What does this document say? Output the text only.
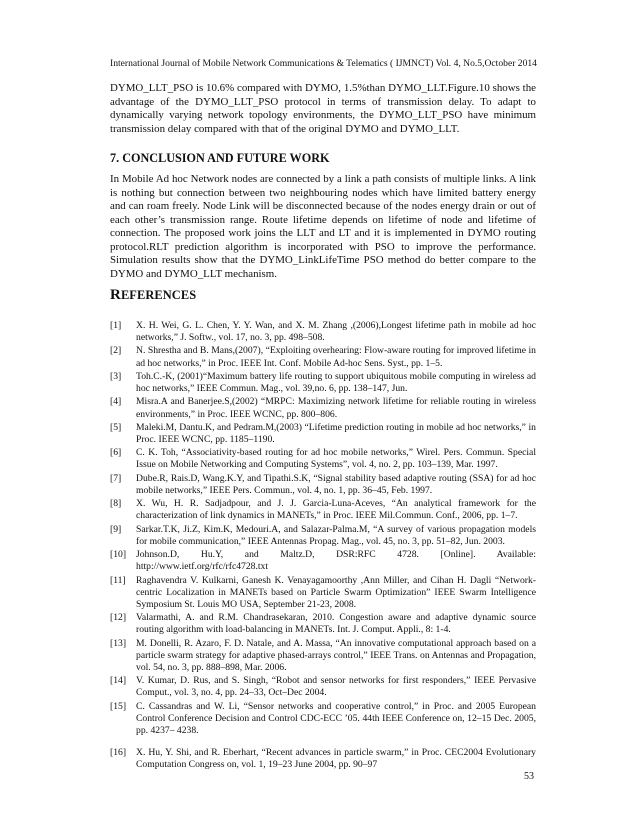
International Journal of Mobile Network Communications & Telematics ( IJMNCT) Vol. 4, No.5,October 2014

DYMO_LLT_PSO is 10.6% compared with DYMO, 1.5%than DYMO_LLT.Figure.10 shows the advantage of the DYMO_LLT_PSO protocol in terms of transmission delay. To adapt to dynamically varying network topology environments, the DYMO_LLT_PSO have minimum transmission delay compared with that of the original DYMO and DYMO_LLT.

7. CONCLUSION AND FUTURE WORK

In Mobile Ad hoc Network nodes are connected by a link a path consists of multiple links. A link is nothing but connection between two neighbouring nodes which have limited battery energy and can roam freely. Node Link will be disconnected because of the nodes energy drain or out of each other’s transmission range. Route lifetime depends on lifetime of node and lifetime of connection. The proposed work joins the LLT and LT and it is implemented in DYMO routing protocol.RLT prediction algorithm is incorporated with PSO to improve the performance. Simulation results show that the DYMO_LinkLifeTime PSO method do better compare to the DYMO and DYMO_LLT mechanism.

REFERENCES
[1]	X. H. Wei, G. L. Chen, Y. Y. Wan, and X. M. Zhang ,(2006),Longest lifetime path in mobile ad hoc networks,” J. Softw., vol. 17, no. 3, pp. 498–508.
[2]	N. Shrestha and B. Mans,(2007), “Exploiting overhearing: Flow-aware routing for improved lifetime in ad hoc networks,” in Proc. IEEE Int. Conf. Mobile Ad-hoc Sens. Syst., pp. 1–5.
[3]	Toh.C.-K, (2001)“Maximum battery life routing to support ubiquitous mobile computing in wireless ad hoc networks,” IEEE Commun. Mag., vol. 39,no. 6, pp. 138–147, Jun.
[4]	Misra.A and Banerjee.S,(2002) “MRPC: Maximizing network lifetime for reliable routing in wireless environments,” in Proc. IEEE WCNC, pp. 800–806.
[5]	Maleki.M, Dantu.K, and Pedram.M,(2003) “Lifetime prediction routing in mobile ad hoc networks,” in Proc. IEEE WCNC, pp. 1185–1190.
[6]	C. K. Toh, “Associativity-based routing for ad hoc mobile networks,” Wirel. Pers. Commun. Special Issue on Mobile Networking and Computing Systems”, vol. 4, no. 2, pp. 103–139, Mar. 1997.
[7]	Dube.R, Rais.D, Wang.K.Y, and Tipathi.S.K, “Signal stability based adaptive routing (SSA) for ad hoc mobile networks,” IEEE Pers. Commun., vol. 4, no. 1, pp. 36–45, Feb. 1997.
[8]	X. Wu, H. R. Sadjadpour, and J. J. Garcia-Luna-Aceves, “An analytical framework for the characterization of link dynamics in MANETs,” in Proc. IEEE Mil.Commun. Conf., 2006, pp. 1–7.
[9]	Sarkar.T.K, Ji.Z, Kim.K, Medouri.A, and Salazar-Palma.M, “A survey of various propagation models for mobile communication,” IEEE Antennas Propag. Mag., vol. 45, no. 3, pp. 51–82, Jun. 2003.
[10]	Johnson.D, Hu.Y, and Maltz.D, DSR:RFC 4728. [Online]. Available: http://www.ietf.org/rfc/rfc4728.txt
[11]	Raghavendra V. Kulkarni, Ganesh K. Venayagamoorthy ,Ann Miller, and Cihan H. Dagli “Network-centric Localization in MANETs based on Particle Swarm Optimization” IEEE Swarm Intelligence Symposium St. Louis MO USA, September 21-23, 2008.
[12]	Valarmathi, A. and R.M. Chandrasekaran, 2010. Congestion aware and adaptive dynamic source routing algorithm with load-balancing in MANETs. Int. J. Comput. Appli., 8: 1-4.
[13]	M. Donelli, R. Azaro, F. D. Natale, and A. Massa, “An innovative computational approach based on a particle swarm strategy for adaptive phased-arrays control,” IEEE Trans. on Antennas and Propagation, vol. 54, no. 3, pp. 888–898, Mar. 2006.
[14]	V. Kumar, D. Rus, and S. Singh, “Robot and sensor networks for first responders,” IEEE Pervasive Comput., vol. 3, no. 4, pp. 24–33, Oct–Dec 2004.
[15]	C. Cassandras and W. Li, “Sensor networks and cooperative control,” in Proc. and 2005 European Control Conference Decision and Control CDC-ECC ’05. 44th IEEE Conference on, 12–15 Dec. 2005, pp. 4237– 4238.
[16]	X. Hu, Y. Shi, and R. Eberhart, “Recent advances in particle swarm,” in Proc. CEC2004 Evolutionary Computation Congress on, vol. 1, 19–23 June 2004, pp. 90–97
53
